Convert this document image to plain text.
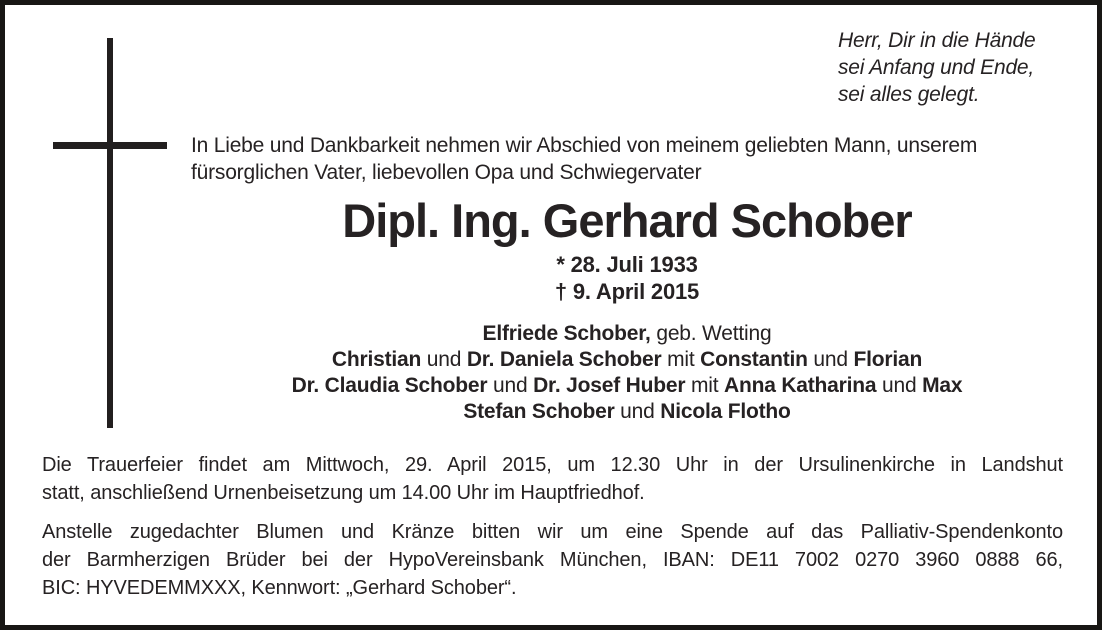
Herr, Dir in die Hände
sei Anfang und Ende,
sei alles gelegt.
In Liebe und Dankbarkeit nehmen wir Abschied von meinem geliebten Mann, unserem
fürsorglichen Vater, liebevollen Opa und Schwiegervater
Dipl. Ing. Gerhard Schober
* 28. Juli 1933
† 9. April 2015
Elfriede Schober, geb. Wetting
Christian und Dr. Daniela Schober mit Constantin und Florian
Dr. Claudia Schober und Dr. Josef Huber mit Anna Katharina und Max
Stefan Schober und Nicola Flotho
Die Trauerfeier findet am Mittwoch, 29. April 2015, um 12.30 Uhr in der Ursulinenkirche in Landshut
statt, anschließend Urnenbeisetzung um 14.00 Uhr im Hauptfriedhof.
Anstelle zugedachter Blumen und Kränze bitten wir um eine Spende auf das Palliativ-Spendenkonto
der Barmherzigen Brüder bei der HypoVereinsbank München, IBAN: DE11 7002 0270 3960 0888 66,
BIC: HYVEDEMMXXX, Kennwort: „Gerhard Schober“.
